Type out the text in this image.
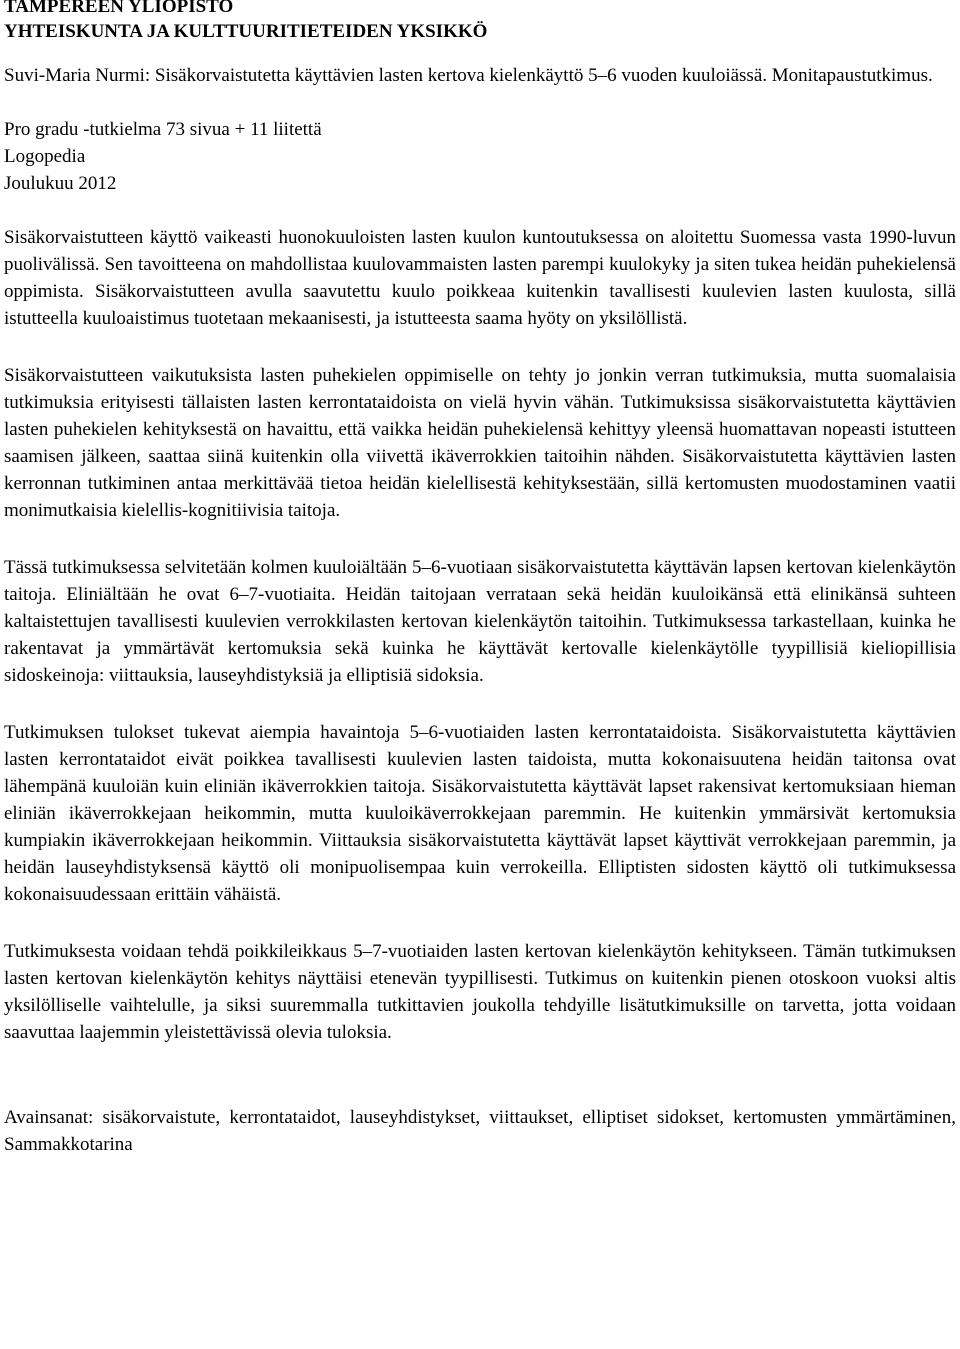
TAMPEREEN YLIOPISTO

YHTEISKUNTA JA KULTTUURITIETEIDEN YKSIKKÖ

Suvi-Maria Nurmi: Sisäkorvaistutetta käyttävien lasten kertova kielenkäyttö 5–6 vuoden kuuloiässä. Monitapaustutkimus.

Pro gradu -tutkielma 73 sivua + 11 liitettä

Logopedia

Joulukuu 2012

Sisäkorvaistutteen käyttö vaikeasti huonokuuloisten lasten kuulon kuntoutuksessa on aloitettu Suomessa vasta 1990-luvun puolivälissä. Sen tavoitteena on mahdollistaa kuulovammaisten lasten parempi kuulokyky ja siten tukea heidän puhekielensä oppimista. Sisäkorvaistutteen avulla saavutettu kuulo poikkeaa kuitenkin tavallisesti kuulevien lasten kuulosta, sillä istutteella kuuloaistimus tuotetaan mekaanisesti, ja istutteesta saama hyöty on yksilöllistä.

Sisäkorvaistutteen vaikutuksista lasten puhekielen oppimiselle on tehty jo jonkin verran tutkimuksia, mutta suomalaisia tutkimuksia erityisesti tällaisten lasten kerrontataidoista on vielä hyvin vähän. Tutkimuksissa sisäkorvaistutetta käyttävien lasten puhekielen kehityksestä on havaittu, että vaikka heidän puhekielensä kehittyy yleensä huomattavan nopeasti istutteen saamisen jälkeen, saattaa siinä kuitenkin olla viivettä ikäverrokkien taitoihin nähden. Sisäkorvaistutetta käyttävien lasten kerronnan tutkiminen antaa merkittävää tietoa heidän kielellisestä kehityksestään, sillä kertomusten muodostaminen vaatii monimutkaisia kielellis-kognitiivisia taitoja.

Tässä tutkimuksessa selvitetään kolmen kuuloiältään 5–6-vuotiaan sisäkorvaistutetta käyttävän lapsen kertovan kielenkäytön taitoja. Eliniältään he ovat 6–7-vuotiaita. Heidän taitojaan verrataan sekä heidän kuuloikänsä että elinikänsä suhteen kaltaistettujen tavallisesti kuulevien verrokkilasten kertovan kielenkäytön taitoihin. Tutkimuksessa tarkastellaan, kuinka he rakentavat ja ymmärtävät kertomuksia sekä kuinka he käyttävät kertovalle kielenkäytölle tyypillisiä kieliopillisia sidoskeinoja: viittauksia, lauseyhdistyksiä ja elliptisiä sidoksia.

Tutkimuksen tulokset tukevat aiempia havaintoja 5–6-vuotiaiden lasten kerrontataidoista. Sisäkorvaistutetta käyttävien lasten kerrontataidot eivät poikkea tavallisesti kuulevien lasten taidoista, mutta kokonaisuutena heidän taitonsa ovat lähempänä kuuloiän kuin eliniän ikäverrokkien taitoja. Sisäkorvaistutetta käyttävät lapset rakensivat kertomuksiaan hieman eliniän ikäverrokkejaan heikommin, mutta kuuloikäverrokkejaan paremmin. He kuitenkin ymmärsivät kertomuksia kumpiakin ikäverrokkejaan heikommin. Viittauksia sisäkorvaistutetta käyttävät lapset käyttivät verrokkejaan paremmin, ja heidän lauseyhdistyksensä käyttö oli monipuolisempaa kuin verrokeilla. Elliptisten sidosten käyttö oli tutkimuksessa kokonaisuudessaan erittäin vähäistä.

Tutkimuksesta voidaan tehdä poikkileikkaus 5–7-vuotiaiden lasten kertovan kielenkäytön kehitykseen. Tämän tutkimuksen lasten kertovan kielenkäytön kehitys näyttäisi etenevän tyypillisesti. Tutkimus on kuitenkin pienen otoskoon vuoksi altis yksilölliselle vaihtelulle, ja siksi suuremmalla tutkittavien joukolla tehdyille lisätutkimuksille on tarvetta, jotta voidaan saavuttaa laajemmin yleistettävissä olevia tuloksia.

Avainsanat: sisäkorvaistute, kerrontataidot, lauseyhdistykset, viittaukset, elliptiset sidokset, kertomusten ymmärtäminen, Sammakkotarina
